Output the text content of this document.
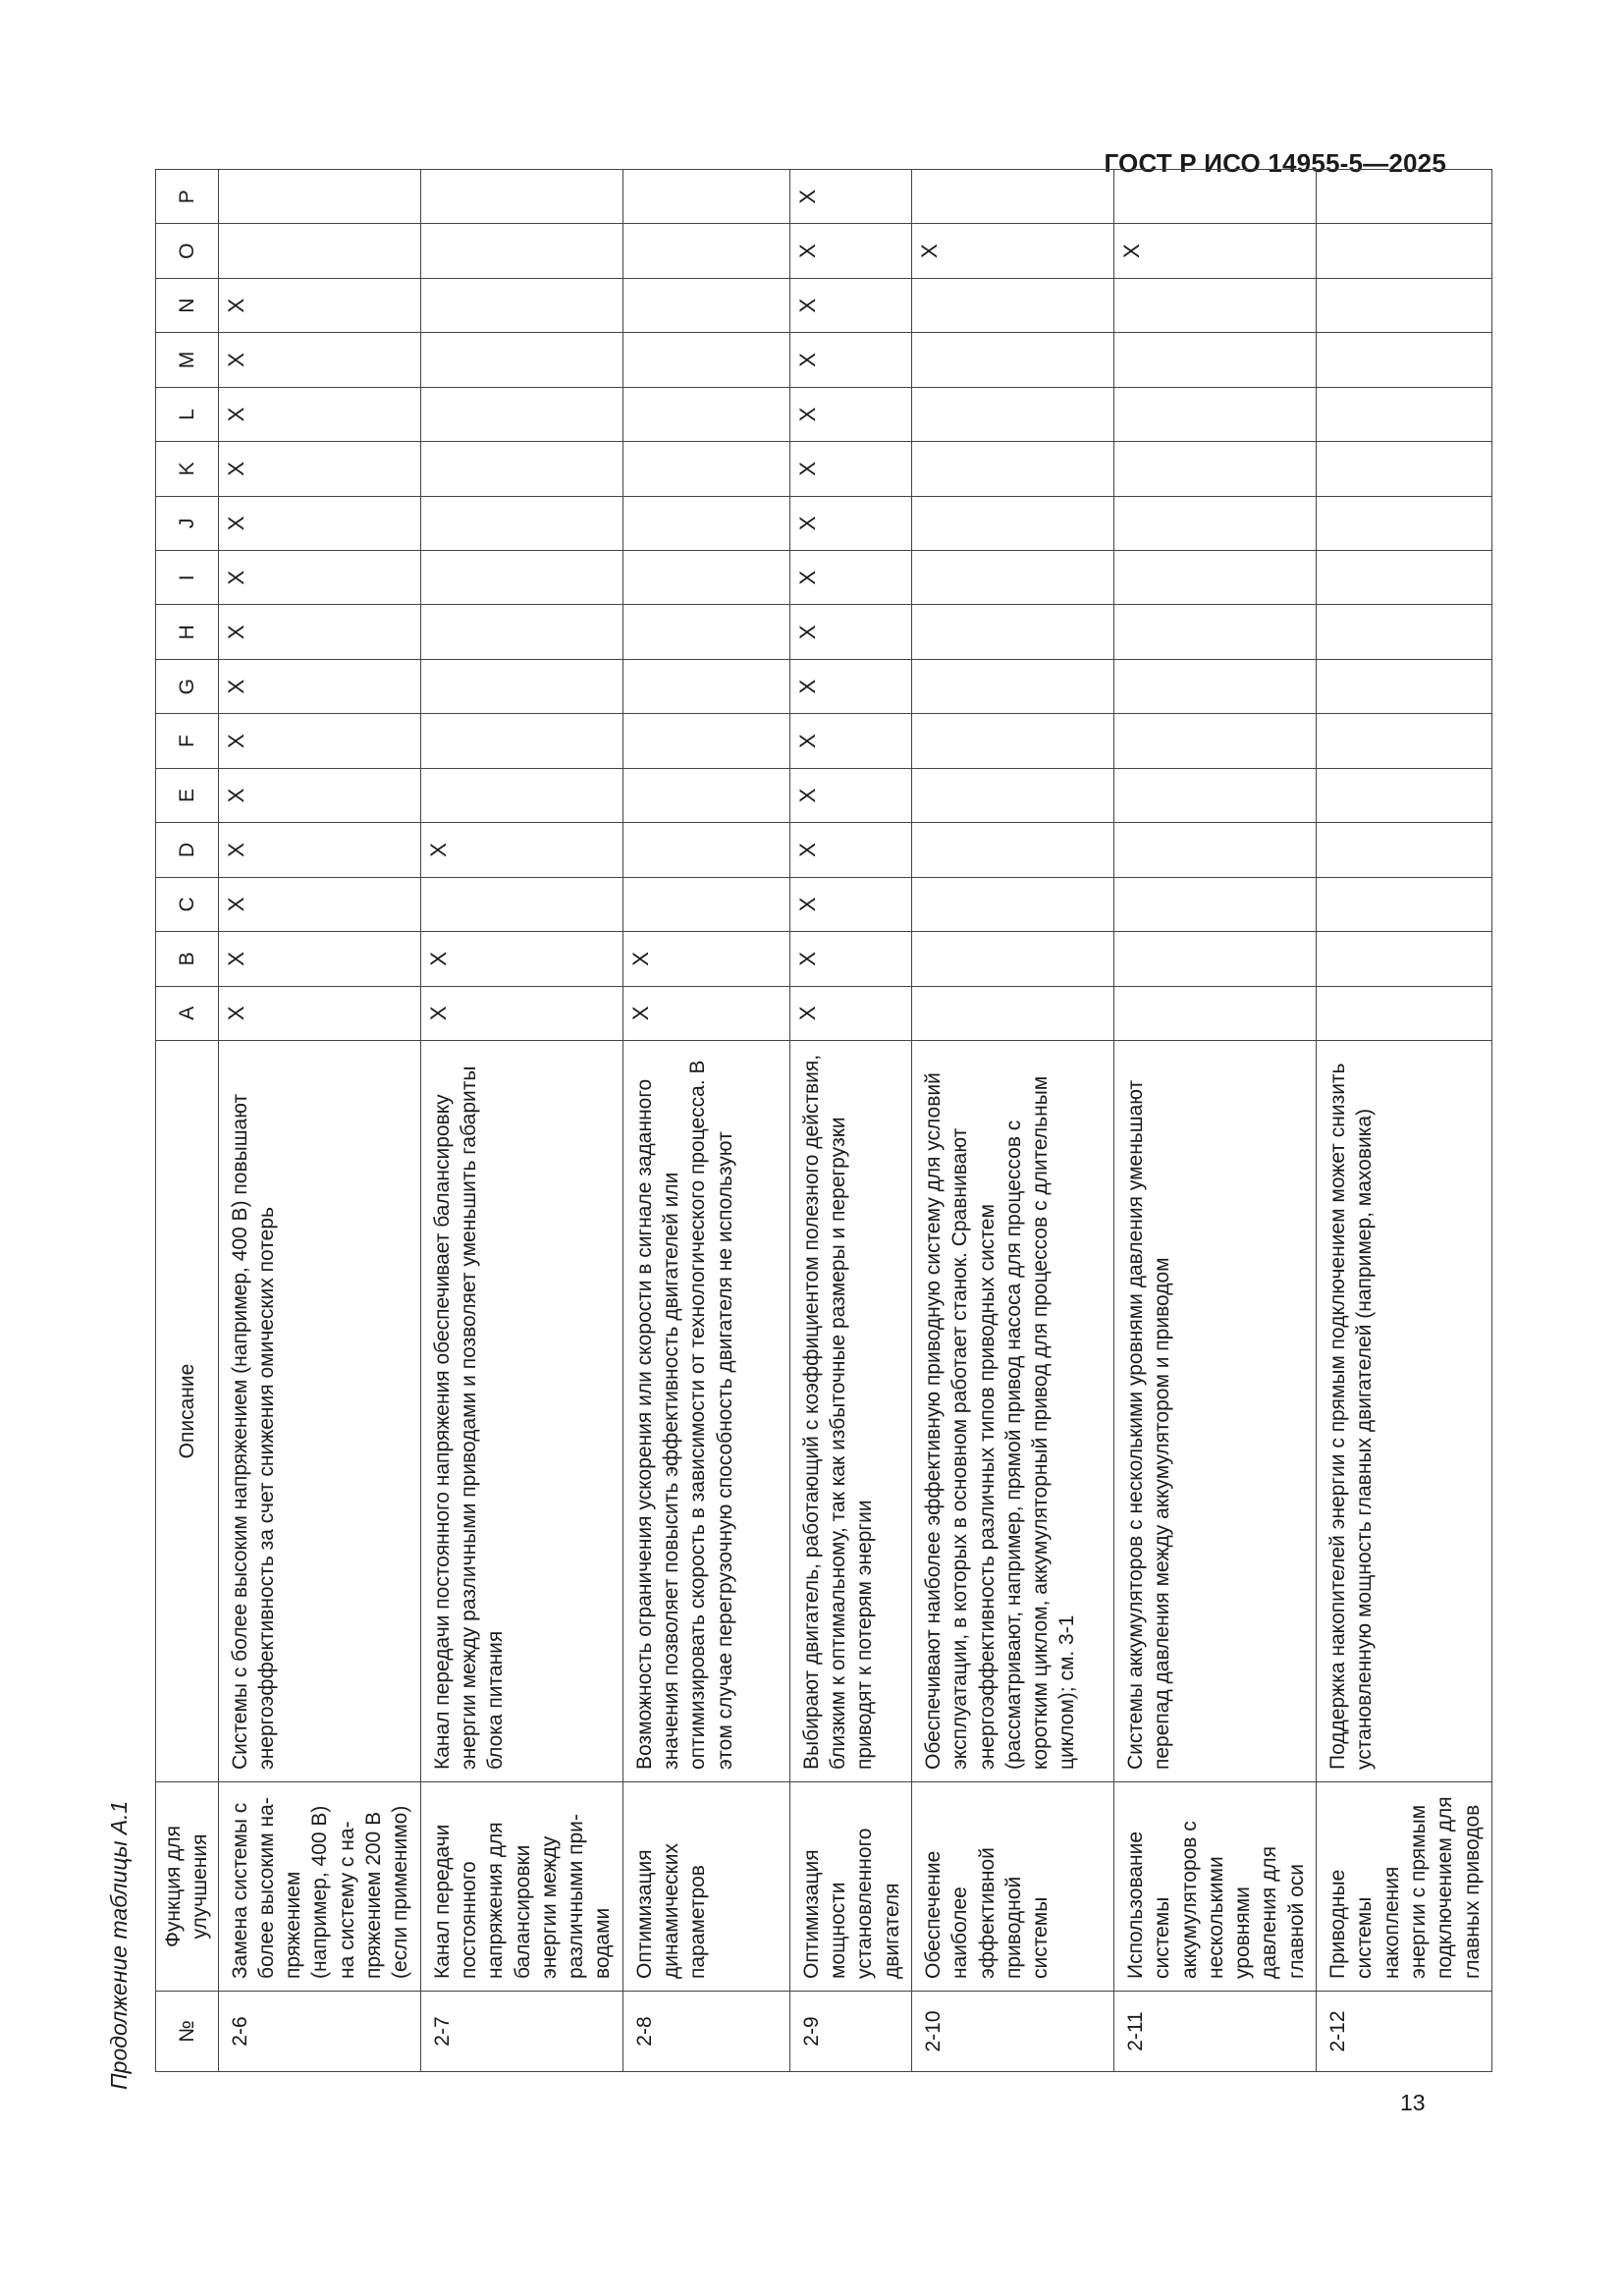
ГОСТ Р ИСО 14955-5—2025
Продолжение таблицы А.1 №	Функция для улучшения	Описание	A	B	C	D	E	F	G	H	I	J	K	L	M	N	O	P
2-6	Замена системы с более высоким напряжением (например, 400 В) на систему с напряжением 200 В (если применимо)	Системы с более высоким напряжением (например, 400 В) повышают энергоэффективность за счет снижения омических потерь	X	X	X	X	X	X	X	X	X	X	X	X	X	X		
2-7	Канал передачи постоянного напряжения для балансировки энергии между различными приводами	Канал передачи постоянного напряжения обеспечивает балансировку энергии между различными приводами и позволяет уменьшить габариты блока питания	X	X		X												
2-8	Оптимизация динамических параметров	Возможность ограничения ускорения или скорости в сигнале заданного значения позволяет повысить эффективность двигателей или оптимизировать скорость в зависимости от технологического процесса. В этом случае перегрузочную способность двигателя не используют	X	X														
2-9	Оптимизация мощности установленного двигателя	Выбирают двигатель, работающий с коэффициентом полезного действия, близким к оптимальному, так как избыточные размеры и перегрузки приводят к потерям энергии	X	X	X	X	X	X	X	X	X	X	X	X	X	X	X	X
2-10	Обеспечение наиболее эффективной приводной системы	Обеспечивают наиболее эффективную приводную систему для условий эксплуатации, в которых в основном работает станок. Сравнивают энергоэффективность различных типов приводных систем (рассматривают, например, прямой привод насоса для процессов с коротким циклом, аккумуляторный привод для процессов с длительным циклом); см. 3-1															X	
2-11	Использование системы аккумуляторов с несколькими уровнями давления для главной оси	Системы аккумуляторов с несколькими уровнями давления уменьшают перепад давления между аккумулятором и приводом															X	
2-12	Приводные системы накопления энергии с прямым подключением для главных приводов	Поддержка накопителей энергии с прямым подключением может снизить установленную мощность главных двигателей (например, маховика)																
13
